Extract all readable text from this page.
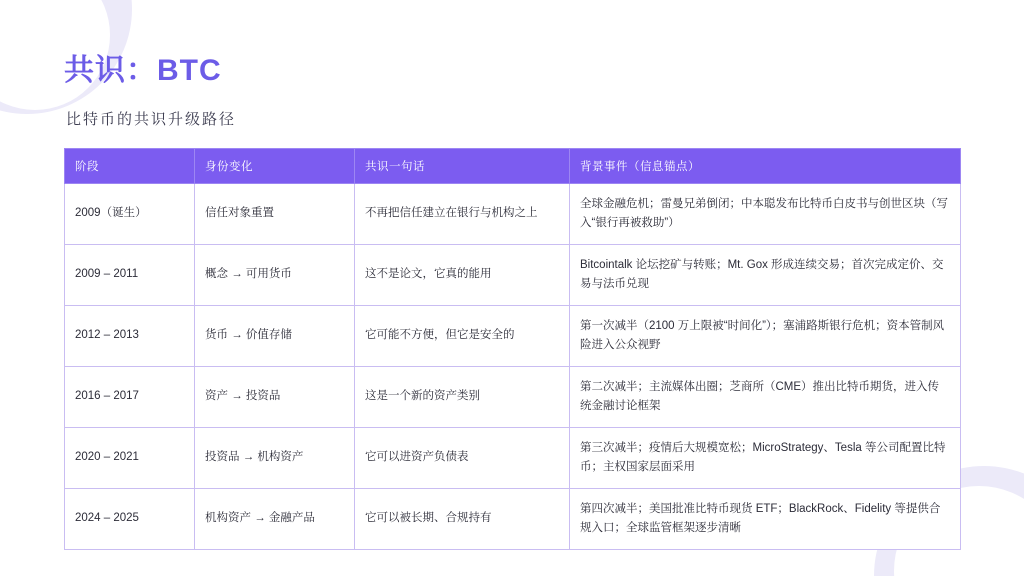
共识：BTC
比特币的共识升级路径
阶段	身份变化	共识一句话	背景事件（信息锚点）
2009（诞生）	信任对象重置	不再把信任建立在银行与机构之上	全球金融危机；雷曼兄弟倒闭；中本聪发布比特币白皮书与创世区块（写入“银行再被救助”）
2009 – 2011	概念 → 可用货币	这不是论文，它真的能用	Bitcointalk 论坛挖矿与转账；Mt. Gox 形成连续交易；首次完成定价、交易与法币兑现
2012 – 2013	货币 → 价值存储	它可能不方便，但它是安全的	第一次减半（2100 万上限被“时间化”）；塞浦路斯银行危机；资本管制风险进入公众视野
2016 – 2017	资产 → 投资品	这是一个新的资产类别	第二次减半；主流媒体出圈；芝商所（CME）推出比特币期货，进入传统金融讨论框架
2020 – 2021	投资品 → 机构资产	它可以进资产负债表	第三次减半；疫情后大规模宽松；MicroStrategy、Tesla 等公司配置比特币；主权国家层面采用
2024 – 2025	机构资产 → 金融产品	它可以被长期、合规持有	第四次减半；美国批准比特币现货 ETF；BlackRock、Fidelity 等提供合规入口；全球监管框架逐步清晰
